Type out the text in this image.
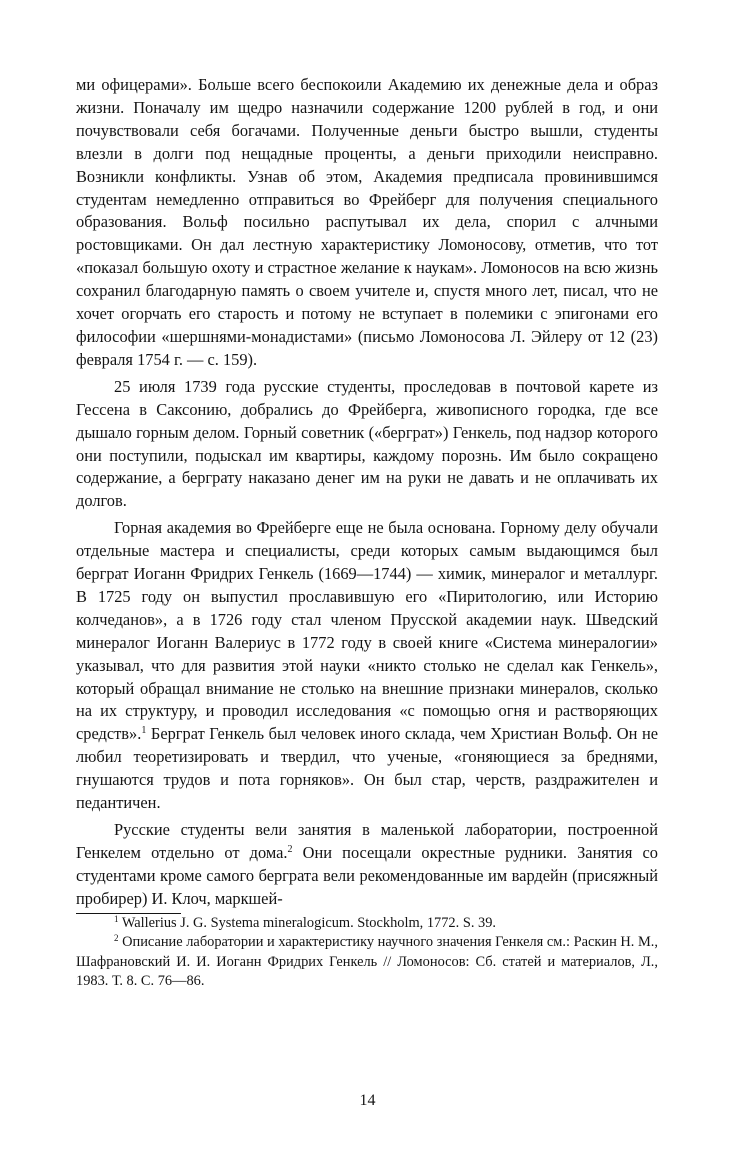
ми офицерами». Больше всего беспокоили Академию их денежные дела и образ жизни. Поначалу им щедро назначили содержание 1200 рублей в год, и они почувствовали себя богачами. Полученные деньги быстро вышли, студенты влезли в долги под нещадные проценты, а деньги приходили неисправно. Возникли конфликты. Узнав об этом, Академия предписала провинившимся студентам немедленно отправиться во Фрейберг для получения специального образования. Вольф посильно распутывал их дела, спорил с алчными ростовщиками. Он дал лестную характеристику Ломоносову, отметив, что тот «показал большую охоту и страстное желание к наукам». Ломоносов на всю жизнь сохранил благодарную память о своем учителе и, спустя много лет, писал, что не хочет огорчать его старость и потому не вступает в полемики с эпигонами его философии «шершнями-монадистами» (письмо Ломоносова Л. Эйлеру от 12 (23) февраля 1754 г. — с. 159).

25 июля 1739 года русские студенты, проследовав в почтовой карете из Гессена в Саксонию, добрались до Фрейберга, живописного городка, где все дышало горным делом. Горный советник («берграт») Генкель, под надзор которого они поступили, подыскал им квартиры, каждому порознь. Им было сокращено содержание, а берграту наказано денег им на руки не давать и не оплачивать их долгов.

Горная академия во Фрейберге еще не была основана. Горному делу обучали отдельные мастера и специалисты, среди которых самым выдающимся был берграт Иоганн Фридрих Генкель (1669—1744) — химик, минералог и металлург. В 1725 году он выпустил прославившую его «Пиритологию, или Историю колчеданов», а в 1726 году стал членом Прусской академии наук. Шведский минералог Иоганн Валериус в 1772 году в своей книге «Система минералогии» указывал, что для развития этой науки «никто столько не сделал как Генкель», который обращал внимание не столько на внешние признаки минералов, сколько на их структуру, и проводил исследования «с помощью огня и растворяющих средств».$^1$ Берграт Генкель был человек иного склада, чем Христиан Вольф. Он не любил теоретизировать и твердил, что ученые, «гоняющиеся за бреднями, гнушаются трудов и пота горняков». Он был стар, черств, раздражителен и педантичен.

Русские студенты вели занятия в маленькой лаборатории, построенной Генкелем отдельно от дома.$^2$ Они посещали окрестные рудники. Занятия со студентами кроме самого берграта вели рекомендованные им вардейн (присяжный пробирер) И. Клоч, маркшей-

$^1$ Wallerius J. G. Systema mineralogicum. Stockholm, 1772. S. 39.

$^2$ Описание лаборатории и характеристику научного значения Генкеля см.: Раскин Н. М., Шафрановский И. И. Иоганн Фридрих Генкель // Ломоносов: Сб. статей и материалов, Л., 1983. Т. 8. С. 76—86.

14
